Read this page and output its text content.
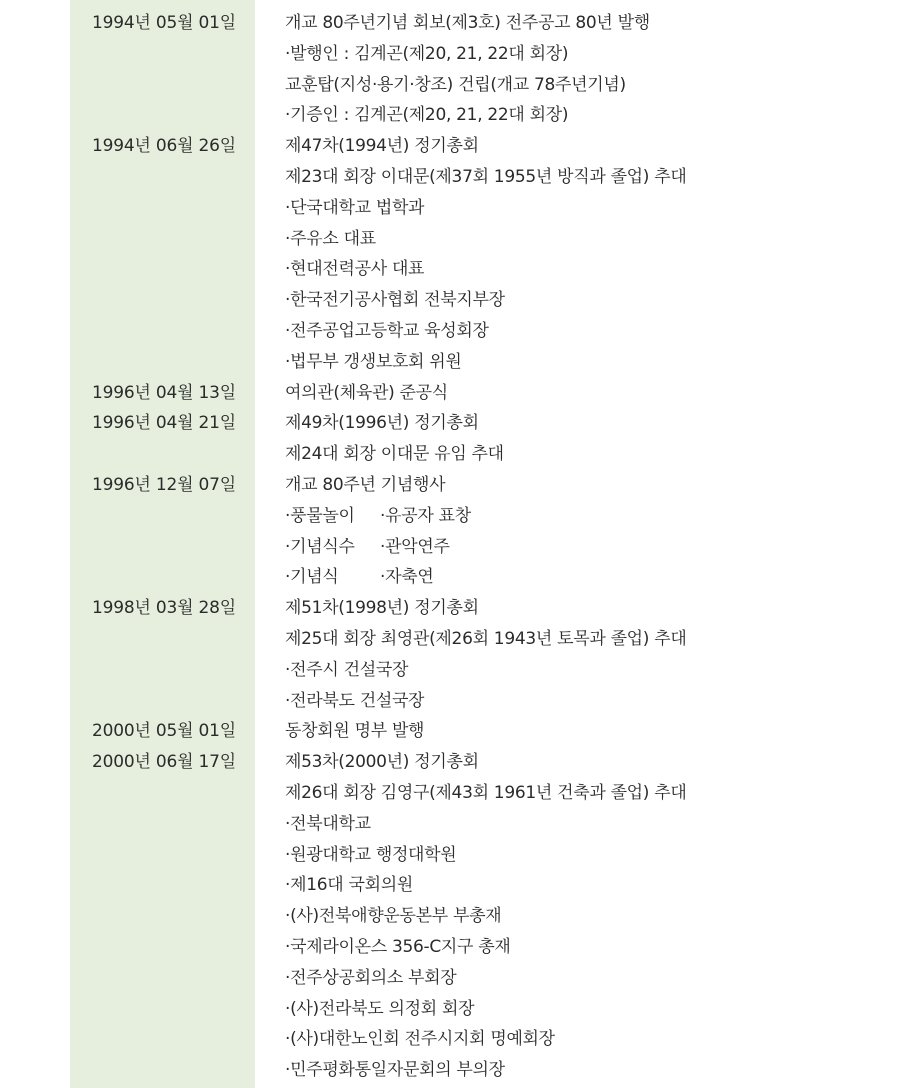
1994년 05월 01일	개교 80주년기념 회보(제3호) 전주공고 80년 발행
·발행인 : 김계곤(제20, 21, 22대 회장)
교훈탑(지성·용기·창조) 건립(개교 78주년기념)
·기증인 : 김계곤(제20, 21, 22대 회장)
1994년 06월 26일	제47차(1994년) 정기총회
제23대 회장 이대문(제37회 1955년 방직과 졸업) 추대
·단국대학교 법학과
·주유소 대표
·현대전력공사 대표
·한국전기공사협회 전북지부장
·전주공업고등학교 육성회장
·법무부 갱생보호회 위원
1996년 04월 13일	여의관(체육관) 준공식
1996년 04월 21일	제49차(1996년) 정기총회
제24대 회장 이대문 유임 추대
1996년 12월 07일	개교 80주년 기념행사
·풍물놀이 ·유공자 표창
·기념식수 ·관악연주
·기념식 ·자축연
1998년 03월 28일	제51차(1998년) 정기총회
제25대 회장 최영관(제26회 1943년 토목과 졸업) 추대
·전주시 건설국장
·전라북도 건설국장
2000년 05월 01일	동창회원 명부 발행
2000년 06월 17일	제53차(2000년) 정기총회
제26대 회장 김영구(제43회 1961년 건축과 졸업) 추대
·전북대학교
·원광대학교 행정대학원
·제16대 국회의원
·(사)전북애향운동본부 부총재
·국제라이온스 356-C지구 총재
·전주상공회의소 부회장
·(사)전라북도 의정회 회장
·(사)대한노인회 전주시지회 명예회장
·민주평화통일자문회의 부의장
